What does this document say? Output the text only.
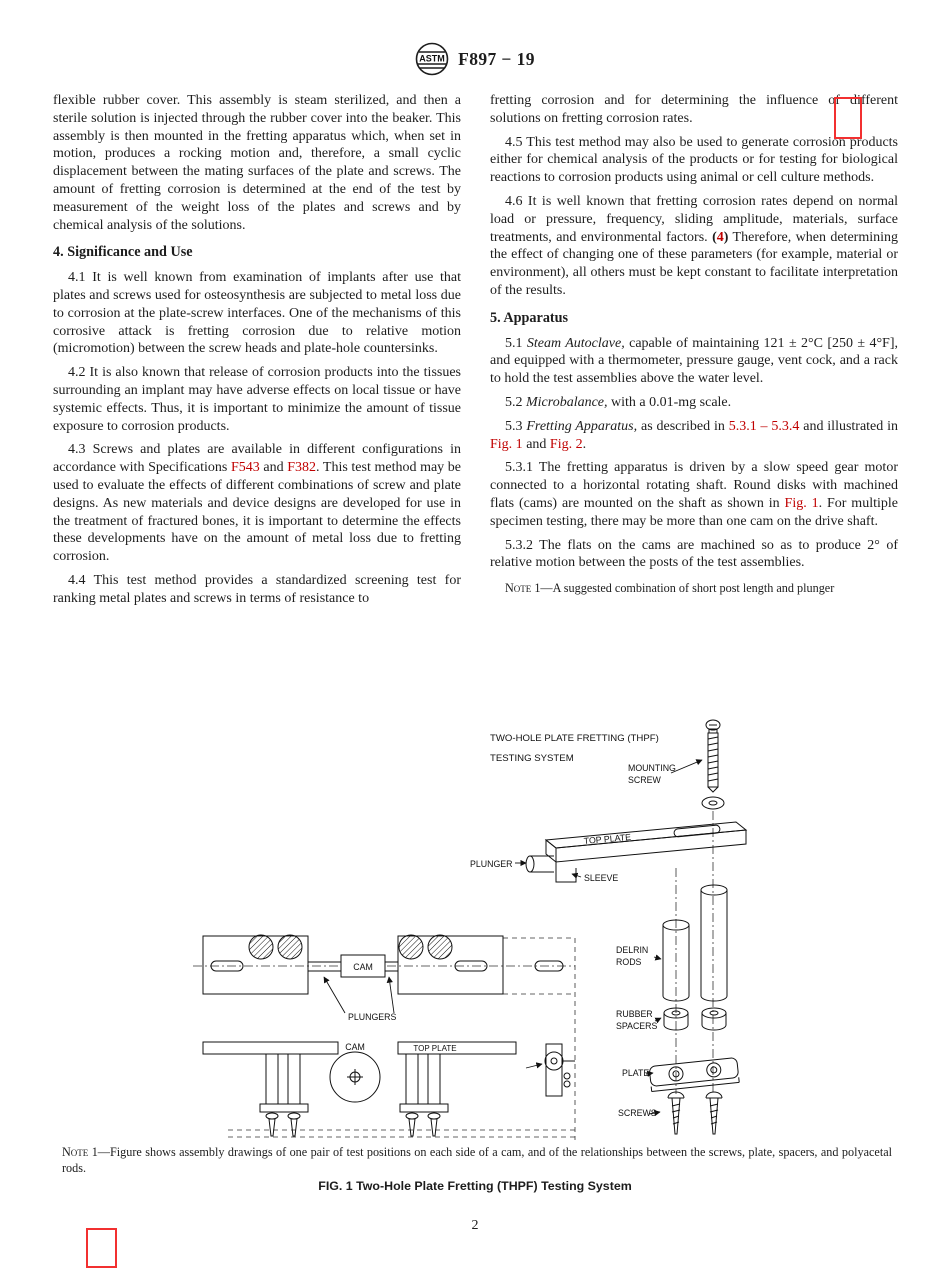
ASTM F897 − 19

flexible rubber cover. This assembly is steam sterilized, and then a sterile solution is injected through the rubber cover into the beaker. This assembly is then mounted in the fretting apparatus which, when set in motion, produces a rocking motion and, therefore, a small cyclic displacement between the mating surfaces of the plate and screws. The amount of fretting corrosion is determined at the end of the test by measurement of the weight loss of the plates and screws and by chemical analysis of the solutions.

4. Significance and Use

4.1 It is well known from examination of implants after use that plates and screws used for osteosynthesis are subjected to metal loss due to corrosion at the plate-screw interfaces. One of the mechanisms of this corrosive attack is fretting corrosion due to relative motion (micromotion) between the screw heads and plate-hole countersinks.

4.2 It is also known that release of corrosion products into the tissues surrounding an implant may have adverse effects on local tissue or have systemic effects. Thus, it is important to minimize the amount of tissue exposure to corrosion products.

4.3 Screws and plates are available in different configurations in accordance with Specifications F543 and F382. This test method may be used to evaluate the effects of different combinations of screw and plate designs. As new materials and device designs are developed for use in the treatment of fractured bones, it is important to determine the effects these developments have on the amount of metal loss due to fretting corrosion.

4.4 This test method provides a standardized screening test for ranking metal plates and screws in terms of resistance to

fretting corrosion and for determining the influence of different solutions on fretting corrosion rates.

4.5 This test method may also be used to generate corrosion products either for chemical analysis of the products or for testing for biological reactions to corrosion products using animal or cell culture methods.

4.6 It is well known that fretting corrosion rates depend on normal load or pressure, frequency, sliding amplitude, materials, surface treatments, and environmental factors. (4) Therefore, when determining the effect of changing one of these parameters (for example, material or environment), all others must be kept constant to facilitate interpretation of the results.

5. Apparatus

5.1 Steam Autoclave, capable of maintaining 121 ± 2°C [250 ± 4°F], and equipped with a thermometer, pressure gauge, vent cock, and a rack to hold the test assemblies above the water level.

5.2 Microbalance, with a 0.01-mg scale.

5.3 Fretting Apparatus, as described in 5.3.1 – 5.3.4 and illustrated in Fig. 1 and Fig. 2.

5.3.1 The fretting apparatus is driven by a slow speed gear motor connected to a horizontal rotating shaft. Round disks with machined flats (cams) are mounted on the shaft as shown in Fig. 1. For multiple specimen testing, there may be more than one cam on the drive shaft.

5.3.2 The flats on the cams are machined so as to produce 2° of relative motion between the posts of the test assemblies.

Note 1—A suggested combination of short post length and plunger

TWO-HOLE PLATE FRETTING (THPF)
TESTING SYSTEM
MOUNTING
SCREW
TOP PLATE
PLUNGER
SLEEVE
CAM
PLUNGERS
CAM	TOP PLATE
DELRIN
RODS
RUBBER
SPACERS
PLATE
SCREWS
Note 1—Figure shows assembly drawings of one pair of test positions on each side of a cam, and of the relationships between the screws, plate, spacers, and polyacetal rods.
FIG. 1 Two-Hole Plate Fretting (THPF) Testing System
2
